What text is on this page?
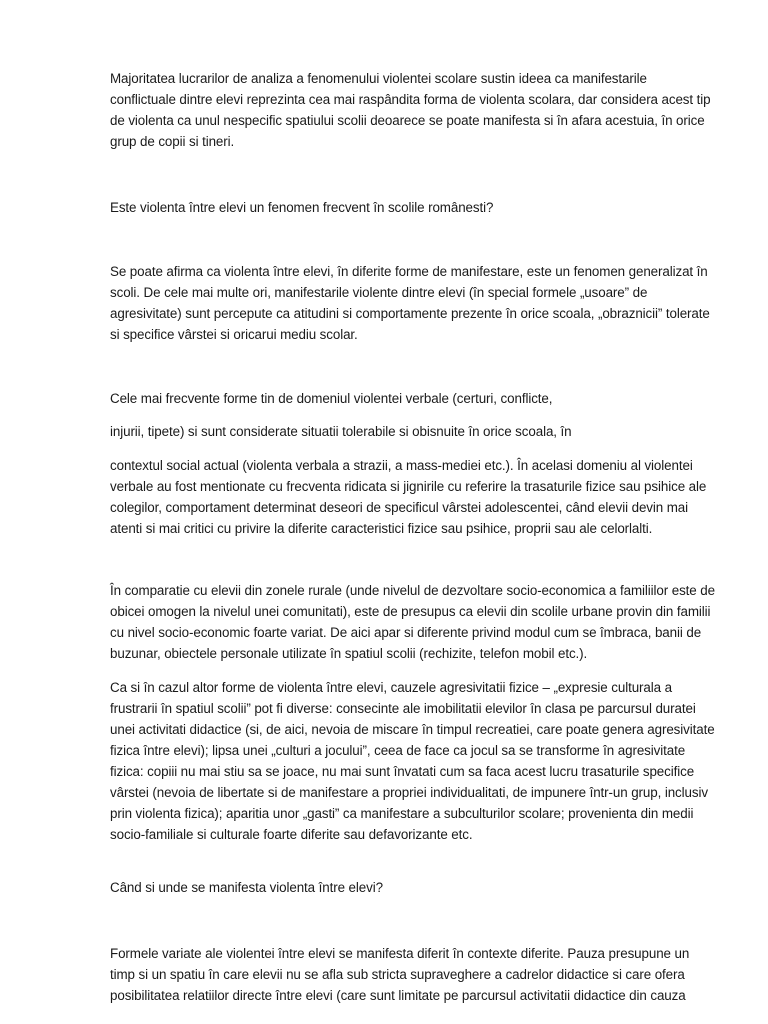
Majoritatea lucrarilor de analiza a fenomenului violentei scolare sustin ideea ca manifestarile

conflictuale dintre elevi reprezinta cea mai raspândita forma de violenta scolara, dar considera acest tip

de violenta ca unul nespecific spatiului scolii deoarece se poate manifesta si în afara acestuia, în orice

grup de copii si tineri.

Este violenta între elevi un fenomen frecvent în scolile românesti?

Se poate afirma ca violenta între elevi, în diferite forme de manifestare, este un fenomen generalizat în

scoli. De cele mai multe ori, manifestarile violente dintre elevi (în special formele „usoare” de

agresivitate) sunt percepute ca atitudini si comportamente prezente în orice scoala, „obraznicii” tolerate

si specifice vârstei si oricarui mediu scolar.

Cele mai frecvente forme tin de domeniul violentei verbale (certuri, conflicte,

injurii, tipete) si sunt considerate situatii tolerabile si obisnuite în orice scoala, în

contextul social actual (violenta verbala a strazii, a mass-mediei etc.). În acelasi domeniu al violentei

verbale au fost mentionate cu frecventa ridicata si jignirile cu referire la trasaturile fizice sau psihice ale

colegilor, comportament determinat deseori de specificul vârstei adolescentei, când elevii devin mai

atenti si mai critici cu privire la diferite caracteristici fizice sau psihice, proprii sau ale celorlalti.

În comparatie cu elevii din zonele rurale (unde nivelul de dezvoltare socio-economica a familiilor este de

obicei omogen la nivelul unei comunitati), este de presupus ca elevii din scolile urbane provin din familii

cu nivel socio-economic foarte variat. De aici apar si diferente privind modul cum se îmbraca, banii de

buzunar, obiectele personale utilizate în spatiul scolii (rechizite, telefon mobil etc.).

Ca si în cazul altor forme de violenta între elevi, cauzele agresivitatii fizice – „expresie culturala a

frustrarii în spatiul scolii” pot fi diverse: consecinte ale imobilitatii elevilor în clasa pe parcursul duratei

unei activitati didactice (si, de aici, nevoia de miscare în timpul recreatiei, care poate genera agresivitate

fizica între elevi); lipsa unei „culturi a jocului”, ceea de face ca jocul sa se transforme în agresivitate

fizica: copiii nu mai stiu sa se joace, nu mai sunt învatati cum sa faca acest lucru trasaturile specifice

vârstei (nevoia de libertate si de manifestare a propriei individualitati, de impunere într-un grup, inclusiv

prin violenta fizica); aparitia unor „gasti” ca manifestare a subculturilor scolare; provenienta din medii

socio-familiale si culturale foarte diferite sau defavorizante etc.

Când si unde se manifesta violenta între elevi?

Formele variate ale violentei între elevi se manifesta diferit în contexte diferite. Pauza presupune un

timp si un spatiu în care elevii nu se afla sub stricta supraveghere a cadrelor didactice si care ofera

posibilitatea relatiilor directe între elevi (care sunt limitate pe parcursul activitatii didactice din cauza
